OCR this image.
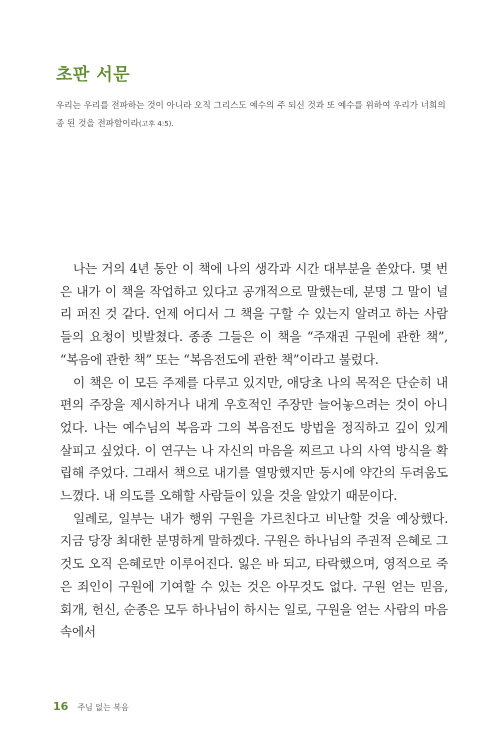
초판 서문

우리는 우리를 전파하는 것이 아니라 오직 그리스도 예수의 주 되신 것과 또 예수를 위하여 우리가 너희의 종 된 것을 전파함이라(고후 4:5).

나는 거의 4년 동안 이 책에 나의 생각과 시간 대부분을 쏟았다. 몇 번은 내가 이 책을 작업하고 있다고 공개적으로 말했는데, 분명 그 말이 널리 퍼진 것 같다. 언제 어디서 그 책을 구할 수 있는지 알려고 하는 사람들의 요청이 빗발쳤다. 종종 그들은 이 책을 “주재권 구원에 관한 책”, “복음에 관한 책” 또는 “복음전도에 관한 책”이라고 불렀다.

이 책은 이 모든 주제를 다루고 있지만, 애당초 나의 목적은 단순히 내 편의 주장을 제시하거나 내게 우호적인 주장만 늘어놓으려는 것이 아니었다. 나는 예수님의 복음과 그의 복음전도 방법을 정직하고 깊이 있게 살피고 싶었다. 이 연구는 나 자신의 마음을 찌르고 나의 사역 방식을 확립해 주었다. 그래서 책으로 내기를 열망했지만 동시에 약간의 두려움도 느꼈다. 내 의도를 오해할 사람들이 있을 것을 알았기 때문이다.

일례로, 일부는 내가 행위 구원을 가르친다고 비난할 것을 예상했다. 지금 당장 최대한 분명하게 말하겠다. 구원은 하나님의 주권적 은혜로 그것도 오직 은혜로만 이루어진다. 잃은 바 되고, 타락했으며, 영적으로 죽은 죄인이 구원에 기여할 수 있는 것은 아무것도 없다. 구원 얻는 믿음, 회개, 헌신, 순종은 모두 하나님이 하시는 일로, 구원을 얻는 사람의 마음속에서

16 주님 없는 복음
